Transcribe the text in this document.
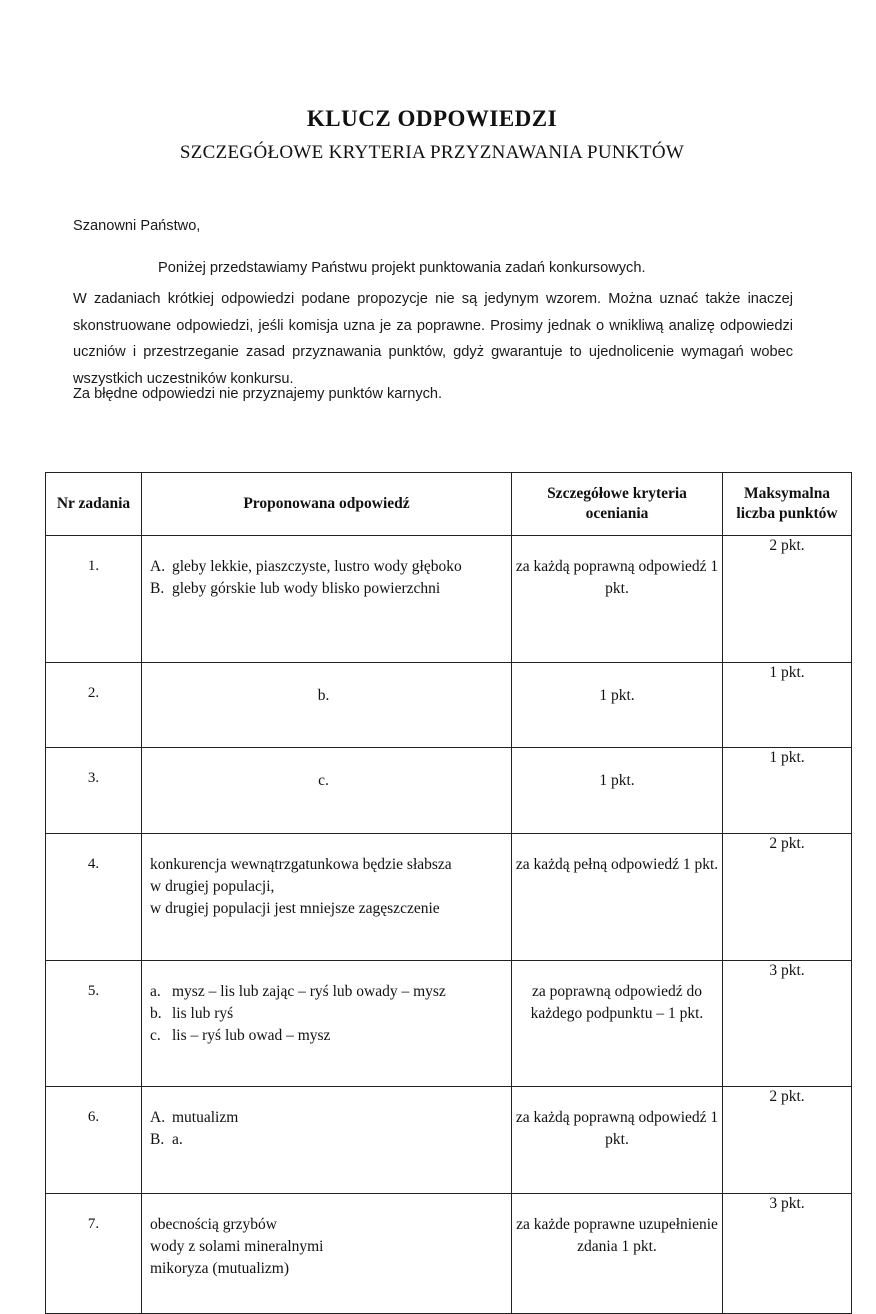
KLUCZ ODPOWIEDZI
SZCZEGÓŁOWE KRYTERIA PRZYZNAWANIA PUNKTÓW
Szanowni Państwo,
Poniżej przedstawiamy Państwu projekt punktowania zadań konkursowych.
W zadaniach krótkiej odpowiedzi podane propozycje nie są jedynym wzorem. Można uznać także inaczej skonstruowane odpowiedzi, jeśli komisja uzna je za poprawne. Prosimy jednak o wnikliwą analizę odpowiedzi uczniów i przestrzeganie zasad przyznawania punktów, gdyż gwarantuje to ujednolicenie wymagań wobec wszystkich uczestników konkursu.
Za błędne odpowiedzi nie przyznajemy punktów karnych.
Nr zadania	Proponowana odpowiedź	Szczegółowe kryteria oceniania	Maksymalna liczba punktów
1.	A. gleby lekkie, piaszczyste, lustro wody głęboko
B. gleby górskie lub wody blisko powierzchni	za każdą poprawną odpowiedź 1 pkt.	2 pkt.
2.	b.	1 pkt.	1 pkt.
3.	c.	1 pkt.	1 pkt.
4.	konkurencja wewnątrzgatunkowa będzie słabsza
w drugiej populacji,
w drugiej populacji jest mniejsze zagęszczenie	za każdą pełną odpowiedź 1 pkt.	2 pkt.
5.	a. mysz – lis lub zając – ryś lub owady – mysz
b. lis lub ryś
c. lis – ryś lub owad – mysz	za poprawną odpowiedź do każdego podpunktu – 1 pkt.	3 pkt.
6.	A. mutualizm
B. a.	za każdą poprawną odpowiedź 1 pkt.	2 pkt.
7.	obecnością grzybów
wody z solami mineralnymi
mikoryza (mutualizm)	za każde poprawne uzupełnienie zdania 1 pkt.	3 pkt.
